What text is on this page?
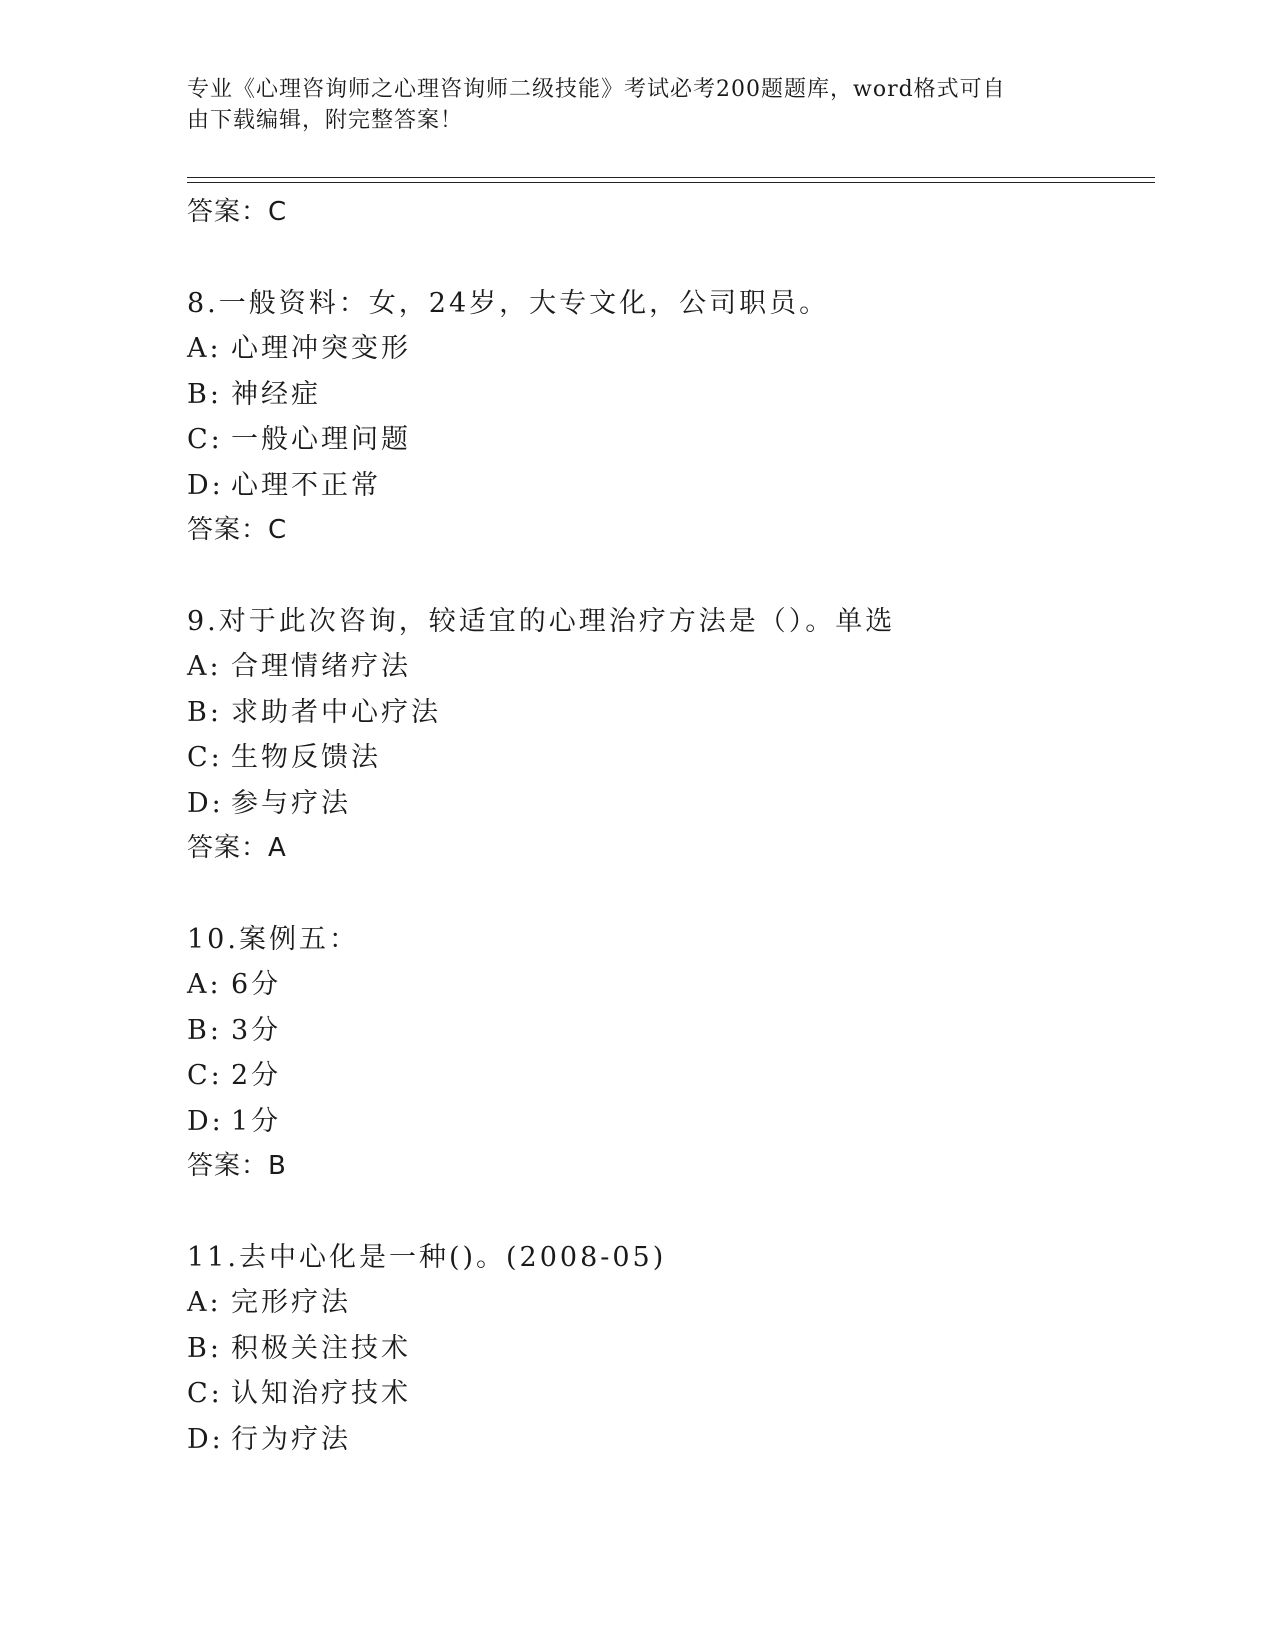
专业《心理咨询师之心理咨询师二级技能》考试必考200题题库，word格式可自
由下载编辑，附完整答案！
答案：C
8.一般资料：女，24岁，大专文化，公司职员。
A: 心理冲突变形
B: 神经症
C: 一般心理问题
D: 心理不正常
答案：C
9.对于此次咨询，较适宜的心理治疗方法是（）。单选
A: 合理情绪疗法
B: 求助者中心疗法
C: 生物反馈法
D: 参与疗法
答案：A
10.案例五：
A: 6分
B: 3分
C: 2分
D: 1分
答案：B
11.去中心化是一种()。(2008-05)
A: 完形疗法
B: 积极关注技术
C: 认知治疗技术
D: 行为疗法
